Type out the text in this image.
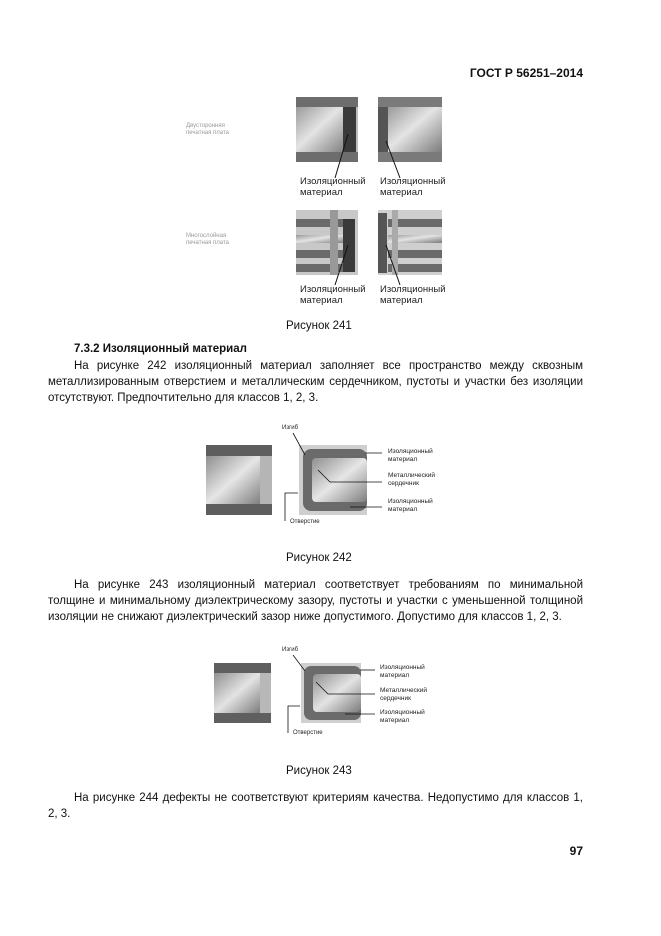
ГОСТ Р 56251–2014
Двусторонняя печатная плата
Многослойная печатная плата
Изоляционный материал
Изоляционный материал
Изоляционный материал
Изоляционный материал
Рисунок 241
7.3.2 Изоляционный материал
На рисунке 242 изоляционный материал заполняет все пространство между сквозным металлизированным отверстием и металлическим сердечником, пустоты и участки без изоляции отсутствуют. Предпочтительно для классов 1, 2, 3.
Изгиб
Изоляционный материал
Металлический сердечник
Изоляционный материал
Отверстие
Рисунок 242
На рисунке 243 изоляционный материал соответствует требованиям по минимальной толщине и минимальному диэлектрическому зазору, пустоты и участки с уменьшенной толщиной изоляции не снижают диэлектрический зазор ниже допустимого. Допустимо для классов 1, 2, 3.
Изгиб
Изоляционный материал
Металлический сердечник
Изоляционный материал
Отверстие
Рисунок 243
На рисунке 244 дефекты не соответствуют критериям качества. Недопустимо для классов 1, 2, 3.
97
